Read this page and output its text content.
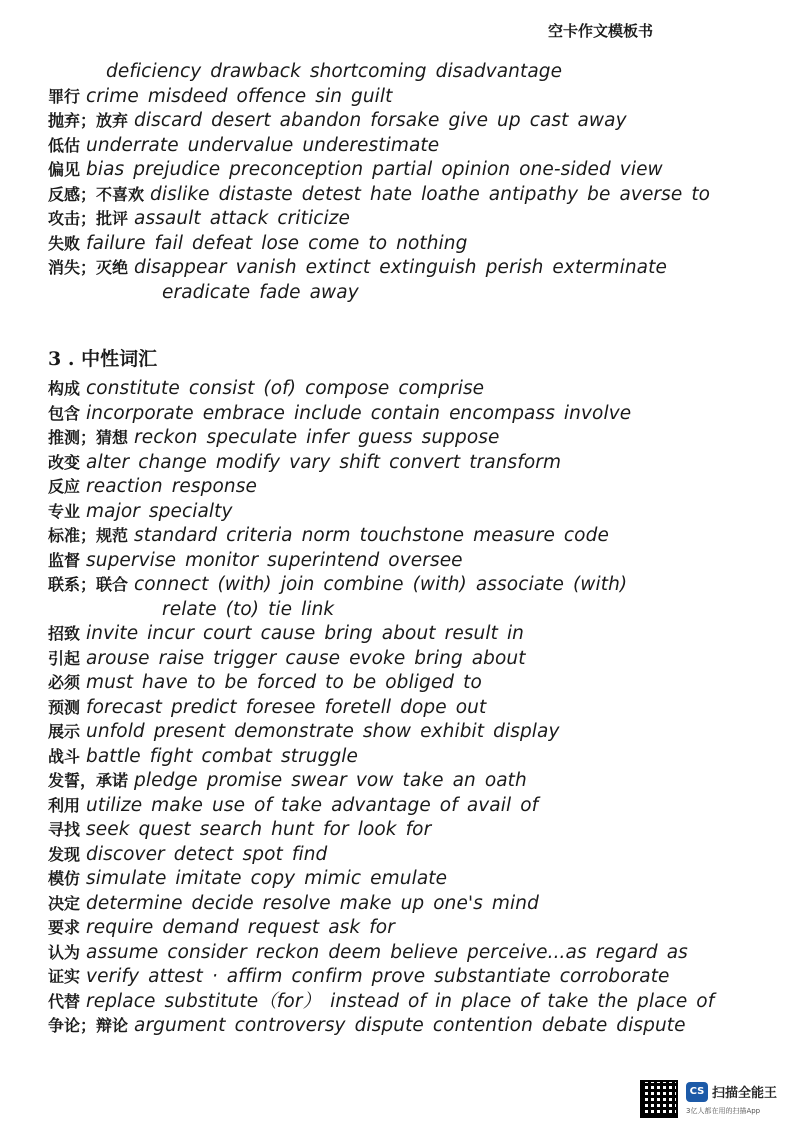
空卡作文模板书
deficiency drawback shortcoming disadvantage
罪行 crime misdeed offence sin guilt
抛弃；放弃 discard desert abandon forsake give up cast away
低估 underrate undervalue underestimate
偏见 bias prejudice preconception partial opinion one-sided view
反感；不喜欢 dislike distaste detest hate loathe antipathy be averse to
攻击；批评 assault attack criticize
失败 failure fail defeat lose come to nothing
消失；灭绝 disappear vanish extinct extinguish perish exterminate
eradicate fade away
3 . 中性词汇
构成 constitute consist (of) compose comprise
包含 incorporate embrace include contain encompass involve
推测；猜想 reckon speculate infer guess suppose
改变 alter change modify vary shift convert transform
反应 reaction response
专业 major specialty
标准；规范 standard criteria norm touchstone measure code
监督 supervise monitor superintend oversee
联系；联合 connect (with) join combine (with) associate (with)
relate (to) tie link
招致 invite incur court cause bring about result in
引起 arouse raise trigger cause evoke bring about
必须 must have to be forced to be obliged to
预测 forecast predict foresee foretell dope out
展示 unfold present demonstrate show exhibit display
战斗 battle fight combat struggle
发誓，承诺 pledge promise swear vow take an oath
利用 utilize make use of take advantage of avail of
寻找 seek quest search hunt for look for
发现 discover detect spot find
模仿 simulate imitate copy mimic emulate
决定 determine decide resolve make up one's mind
要求 require demand request ask for
认为 assume consider reckon deem believe perceive...as regard as
证实 verify attest · affirm confirm prove substantiate corroborate
代替 replace substitute（for） instead of in place of take the place of
争论；辩论 argument controversy dispute contention debate dispute
CS 扫描全能王
3亿人都在用的扫描App
